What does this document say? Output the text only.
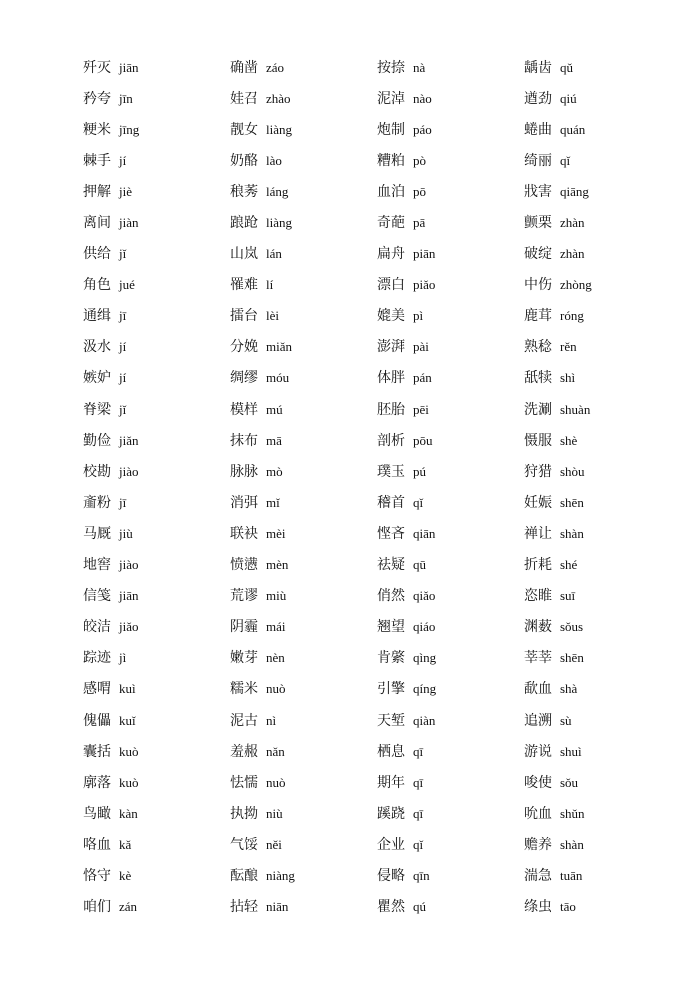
歼灭 jiān
矜夸 jīn
粳米 jīng
棘手 jí
押解 jiè
离间 jiàn
供给 jǐ
角色 jué
通缉 jī
汲水 jí
嫉妒 jí
脊梁 jǐ
勤俭 jiǎn
校勘 jiào
齑粉 jī
马厩 jiù
地窖 jiào
信笺 jiān
皎洁 jiǎo
踪迹 jì
感喟 kuì
傀儡 kuǐ
囊括 kuò
廓落 kuò
鸟瞰 kàn
咯血 kǎ
恪守 kè
咱们 zán
确凿 záo
娃召 zhào
靓女 liàng
奶酪 lào
稂莠 láng
踉跄 liàng
山岚 lán
罹难 lí
擂台 lèi
分娩 miǎn
绸缪 móu
模样 mú
抹布 mā
脉脉 mò
消弭 mǐ
联袂 mèi
愤懑 mèn
荒谬 miù
阴霾 mái
嫩芽 nèn
糯米 nuò
泥古 nì
羞赧 nǎn
怯懦 nuò
执拗 niù
气馁 něi
酝酿 niàng
拈轻 niān
按捺 nà
泥淖 nào
炮制 páo
糟粕 pò
血泊 pō
奇葩 pā
扁舟 piān
漂白 piǎo
媲美 pì
澎湃 pài
体胖 pán
胚胎 pēi
剖析 pōu
璞玉 pú
稽首 qǐ
悭吝 qiān
祛疑 qū
俏然 qiǎo
翘望 qiáo
肯綮 qìng
引擎 qíng
天堑 qiàn
栖息 qī
期年 qī
蹊跷 qī
企业 qǐ
侵略 qīn
瞿然 qú
龋齿 qǔ
遒劲 qiú
蜷曲 quán
绮丽 qǐ
戕害 qiāng
颤栗 zhàn
破绽 zhàn
中伤 zhòng
鹿茸 róng
熟稔 rěn
舐犊 shì
洗涮 shuàn
慑服 shè
狩猎 shòu
妊娠 shēn
禅让 shàn
折耗 shé
恣睢 suī
渊薮 sǒus
莘莘 shēn
歃血 shà
追溯 sù
游说 shuì
唆使 sǒu
吮血 shǔn
赡养 shàn
湍急 tuān
绦虫 tāo
